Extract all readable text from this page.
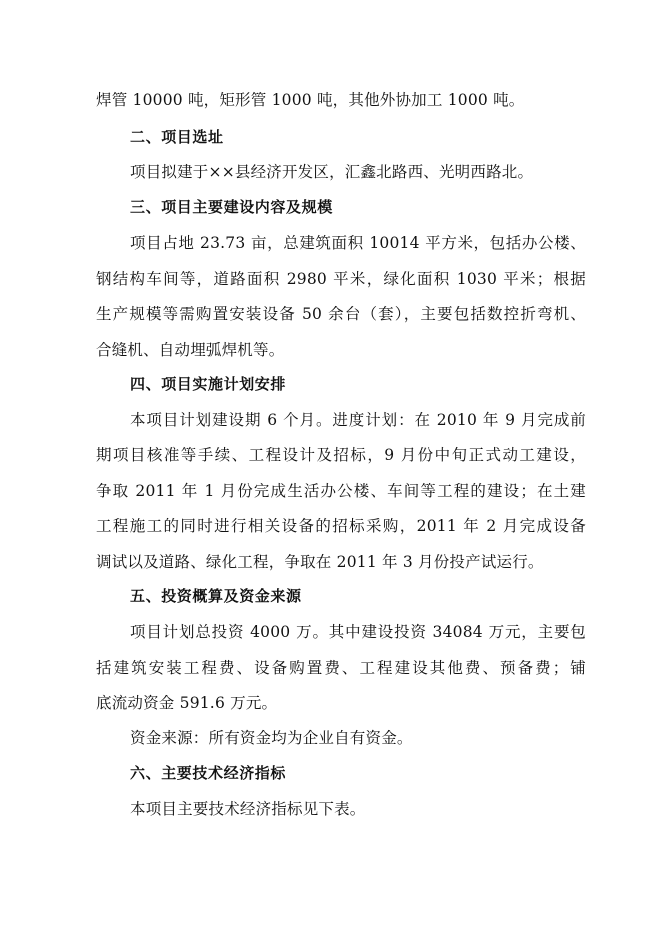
焊管 10000 吨，矩形管 1000 吨，其他外协加工 1000 吨。
二、项目选址
项目拟建于××县经济开发区，汇鑫北路西、光明西路北。
三、项目主要建设内容及规模
项目占地 23.73 亩，总建筑面积 10014 平方米，包括办公楼、
钢结构车间等，道路面积 2980 平米，绿化面积 1030 平米；根据
生产规模等需购置安装设备 50 余台（套），主要包括数控折弯机、
合缝机、自动埋弧焊机等。
四、项目实施计划安排
本项目计划建设期 6 个月。进度计划：在 2010 年 9 月完成前
期项目核准等手续、工程设计及招标，9 月份中旬正式动工建设，
争取 2011 年 1 月份完成生活办公楼、车间等工程的建设；在土建
工程施工的同时进行相关设备的招标采购，2011 年 2 月完成设备
调试以及道路、绿化工程，争取在 2011 年 3 月份投产试运行。
五、投资概算及资金来源
项目计划总投资 4000 万。其中建设投资 34084 万元，主要包
括建筑安装工程费、设备购置费、工程建设其他费、预备费；铺
底流动资金 591.6 万元。
资金来源：所有资金均为企业自有资金。
六、主要技术经济指标
本项目主要技术经济指标见下表。
